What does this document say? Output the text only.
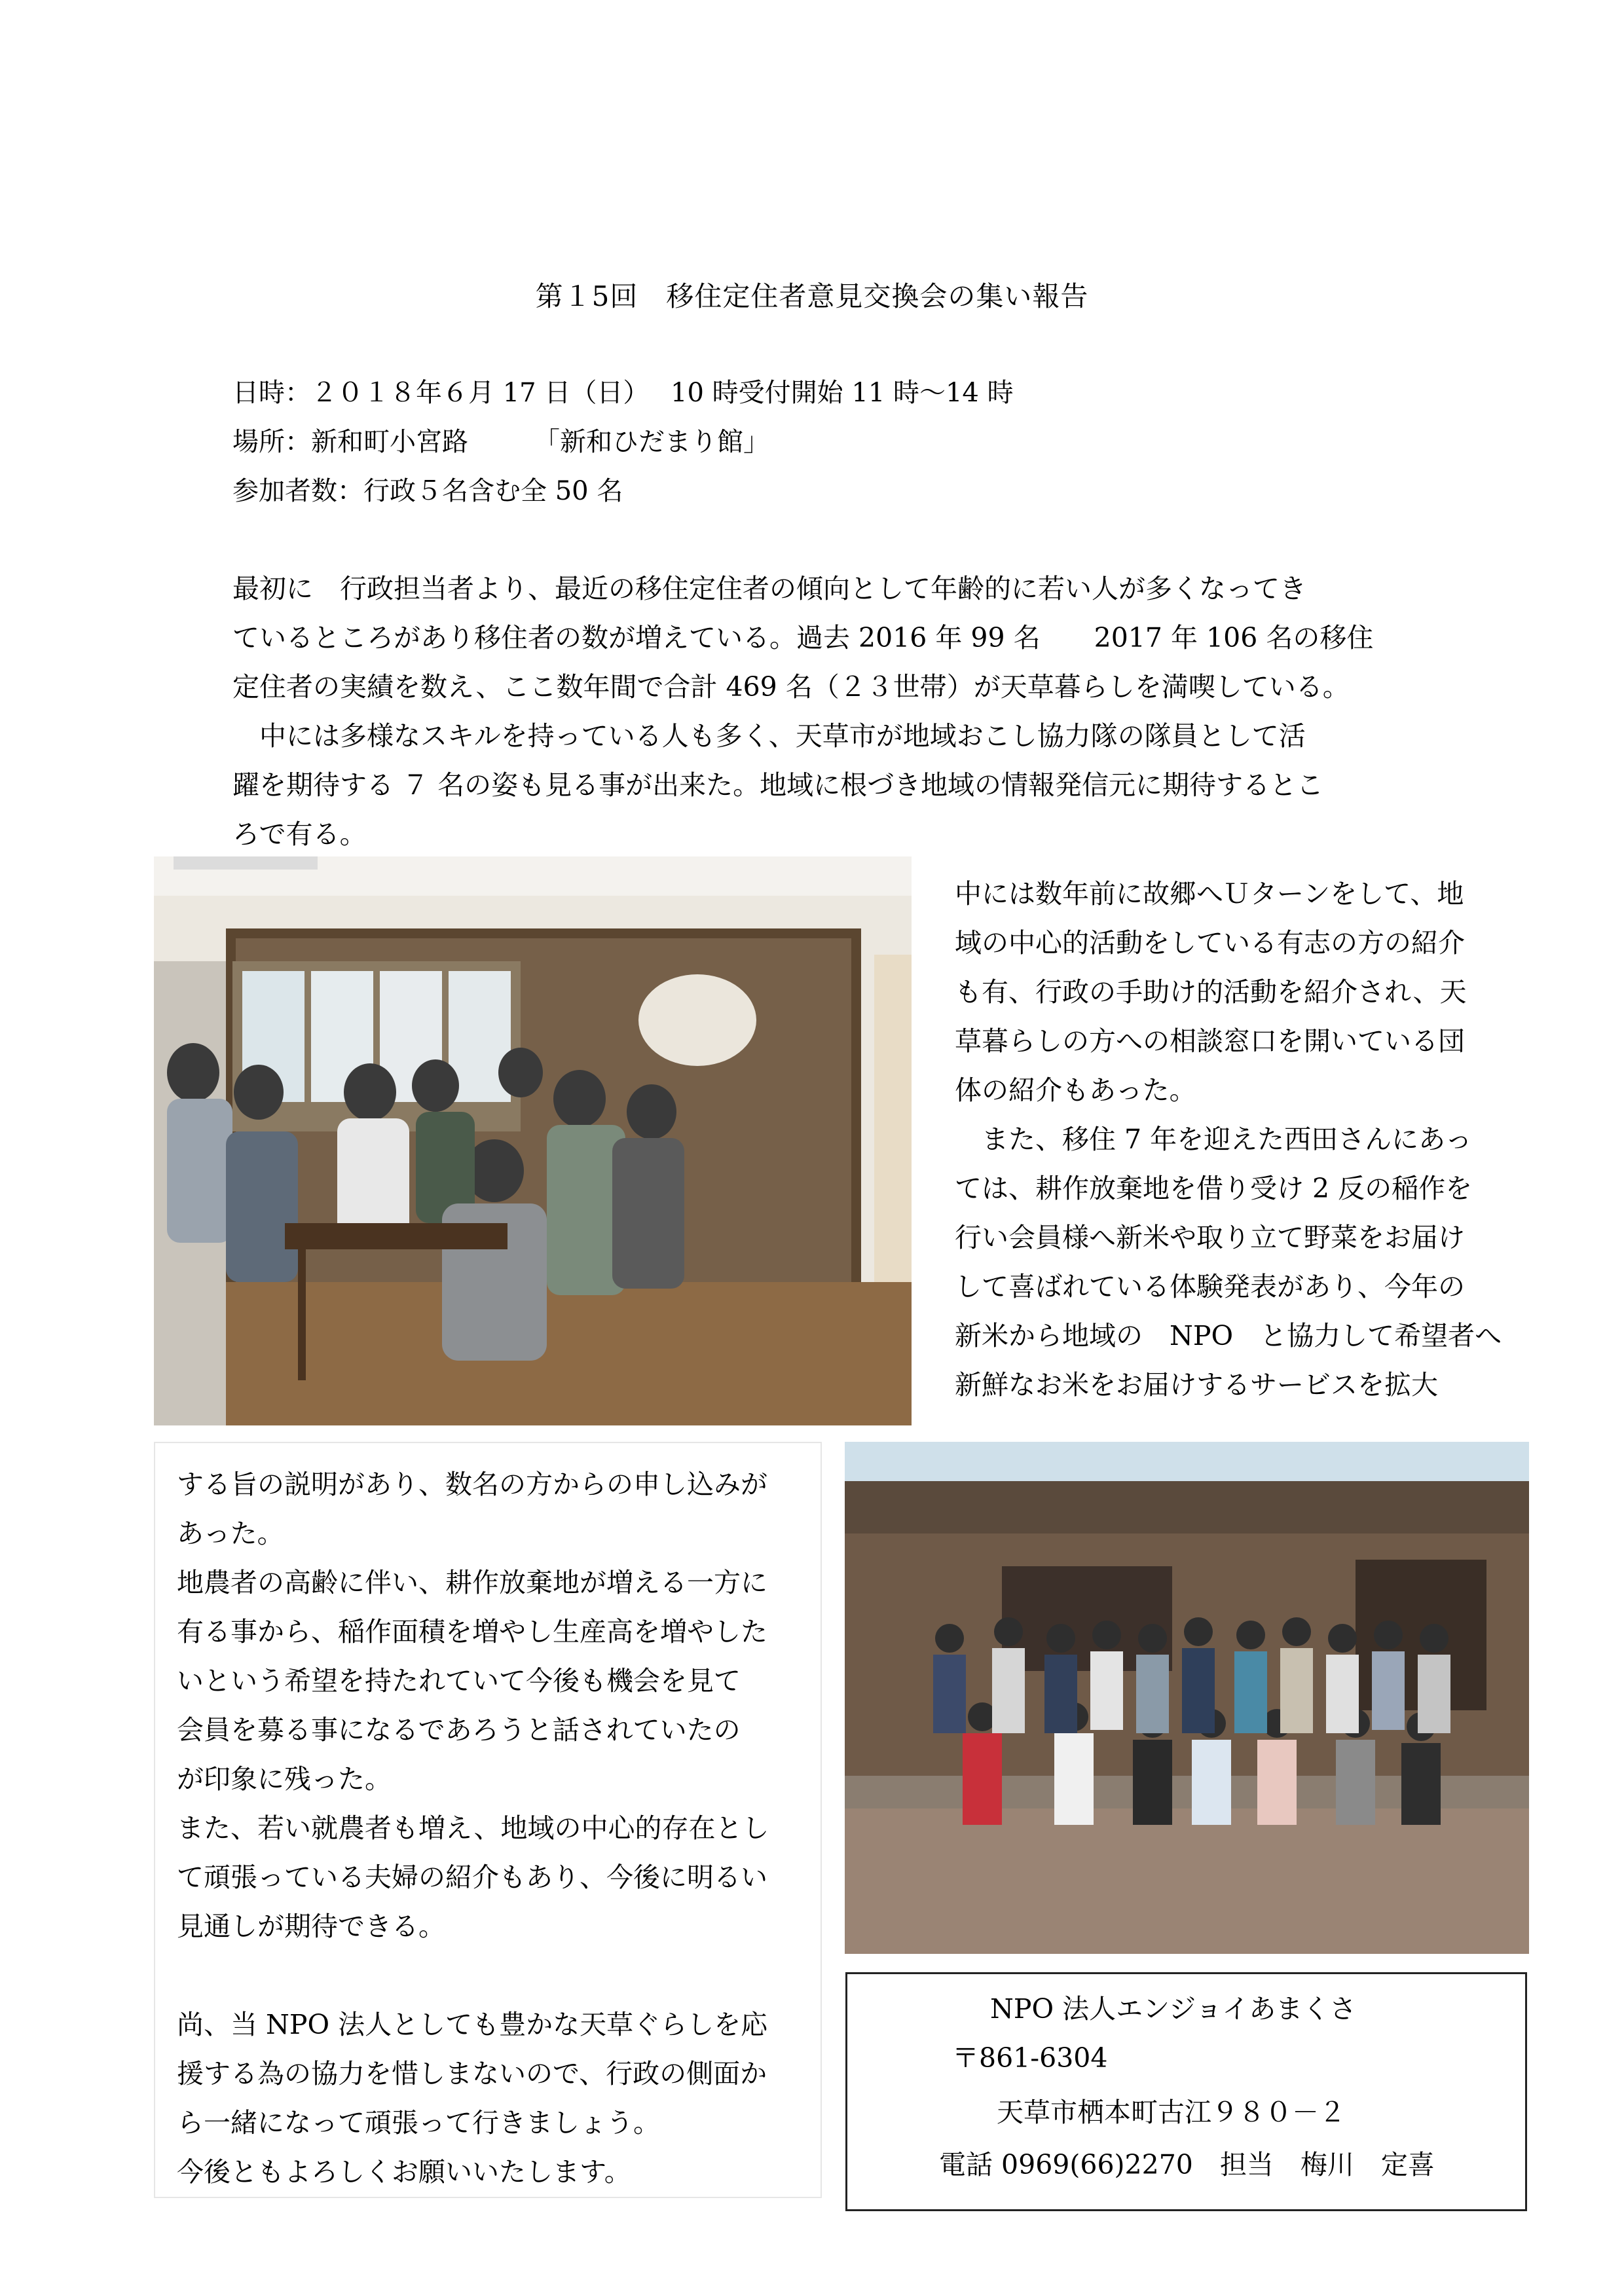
第１5回　移住定住者意見交換会の集い報告
日時：２０１８年６月 17 日（日）　 10 時受付開始 11 時〜14 時
場所：新和町小宮路　　　「新和ひだまり館」
参加者数：行政５名含む全 50 名

最初に　行政担当者より、最近の移住定住者の傾向として年齢的に若い人が多くなってき

ているところがあり移住者の数が増えている。過去 2016 年 99 名　　2017 年 106 名の移住

定住者の実績を数え、ここ数年間で合計 469 名（２３世帯）が天草暮らしを満喫している。

　中には多様なスキルを持っている人も多く、天草市が地域おこし協力隊の隊員として活

躍を期待する ７ 名の姿も見る事が出来た。地域に根づき地域の情報発信元に期待するとこ

ろで有る。

中には数年前に故郷へＵターンをして、地

域の中心的活動をしている有志の方の紹介

も有、行政の手助け的活動を紹介され、天

草暮らしの方への相談窓口を開いている団

体の紹介もあった。

　また、移住 7 年を迎えた西田さんにあっ

ては、耕作放棄地を借り受け 2 反の稲作を

行い会員様へ新米や取り立て野菜をお届け

して喜ばれている体験発表があり、今年の

新米から地域の　NPO　と協力して希望者へ

新鮮なお米をお届けするサービスを拡大

する旨の説明があり、数名の方からの申し込みが

あった。

地農者の高齢に伴い、耕作放棄地が増える一方に

有る事から、稲作面積を増やし生産高を増やした

いという希望を持たれていて今後も機会を見て

会員を募る事になるであろうと話されていたの

が印象に残った。

また、若い就農者も増え、地域の中心的存在とし

て頑張っている夫婦の紹介もあり、今後に明るい

見通しが期待できる。

尚、当 NPO 法人としても豊かな天草ぐらしを応

援する為の協力を惜しまないので、行政の側面か

ら一緒になって頑張って行きましょう。

今後ともよろしくお願いいたします。

NPO 法人エンジョイあまくさ
〒861-6304
天草市栖本町古江９８０－２
電話 0969(66)2270　担当　梅川　定喜
